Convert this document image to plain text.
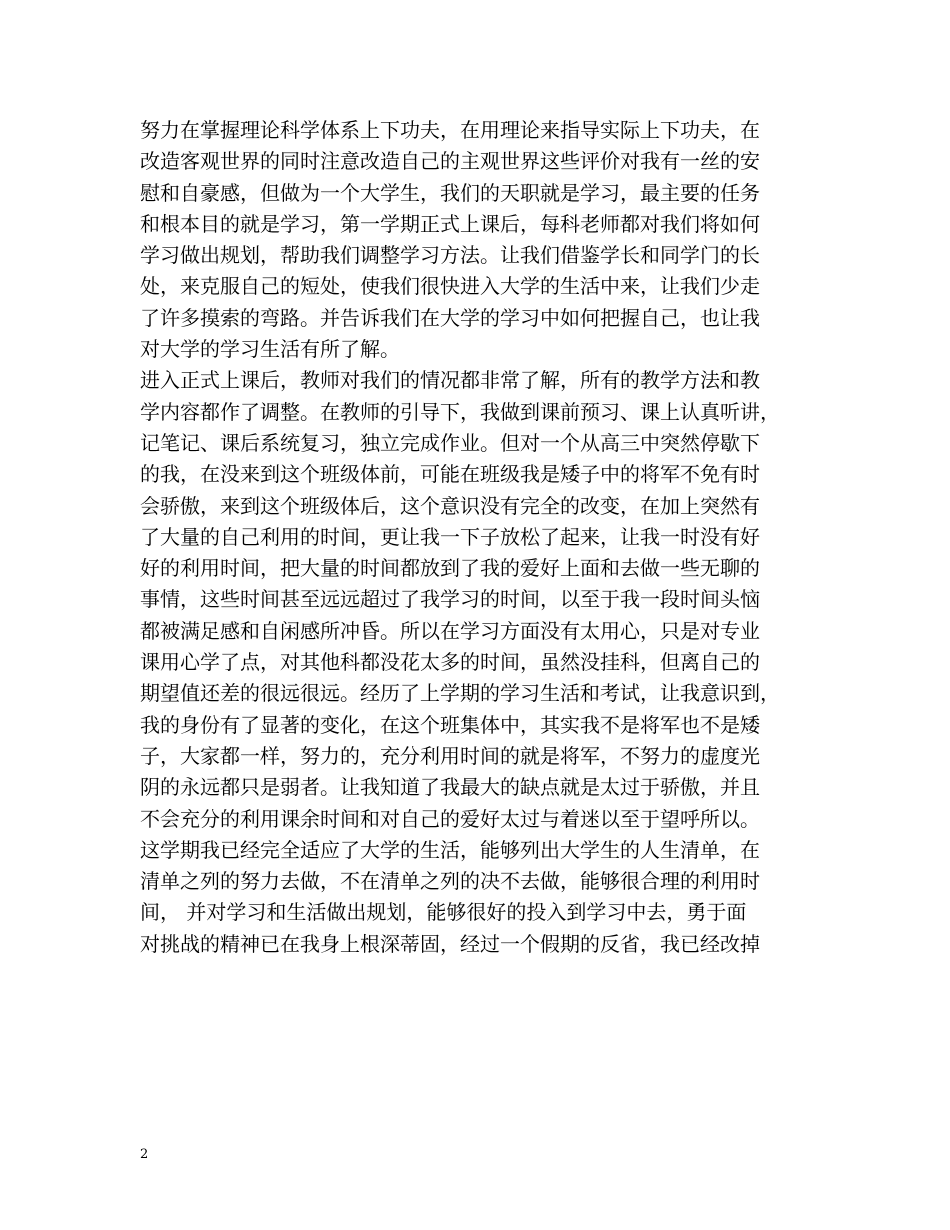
努力在掌握理论科学体系上下功夫，在用理论来指导实际上下功夫，在
改造客观世界的同时注意改造自己的主观世界这些评价对我有一丝的安
慰和自豪感，但做为一个大学生，我们的天职就是学习，最主要的任务
和根本目的就是学习，第一学期正式上课后，每科老师都对我们将如何
学习做出规划，帮助我们调整学习方法。让我们借鉴学长和同学门的长
处，来克服自己的短处，使我们很快进入大学的生活中来，让我们少走
了许多摸索的弯路。并告诉我们在大学的学习中如何把握自己，也让我
对大学的学习生活有所了解。
进入正式上课后，教师对我们的情况都非常了解，所有的教学方法和教
学内容都作了调整。在教师的引导下，我做到课前预习、课上认真听讲，
记笔记、课后系统复习，独立完成作业。但对一个从高三中突然停歇下
的我，在没来到这个班级体前，可能在班级我是矮子中的将军不免有时
会骄傲，来到这个班级体后，这个意识没有完全的改变，在加上突然有
了大量的自己利用的时间，更让我一下子放松了起来，让我一时没有好
好的利用时间，把大量的时间都放到了我的爱好上面和去做一些无聊的
事情，这些时间甚至远远超过了我学习的时间，以至于我一段时间头恼
都被满足感和自闲感所冲昏。所以在学习方面没有太用心，只是对专业
课用心学了点，对其他科都没花太多的时间，虽然没挂科，但离自己的
期望值还差的很远很远。经历了上学期的学习生活和考试，让我意识到，
我的身份有了显著的变化，在这个班集体中，其实我不是将军也不是矮
子，大家都一样，努力的，充分利用时间的就是将军，不努力的虚度光
阴的永远都只是弱者。让我知道了我最大的缺点就是太过于骄傲，并且
不会充分的利用课余时间和对自己的爱好太过与着迷以至于望呼所以。
这学期我已经完全适应了大学的生活，能够列出大学生的人生清单，在
清单之列的努力去做，不在清单之列的决不去做，能够很合理的利用时
间， 并对学习和生活做出规划，能够很好的投入到学习中去，勇于面
对挑战的精神已在我身上根深蒂固，经过一个假期的反省，我已经改掉
2
